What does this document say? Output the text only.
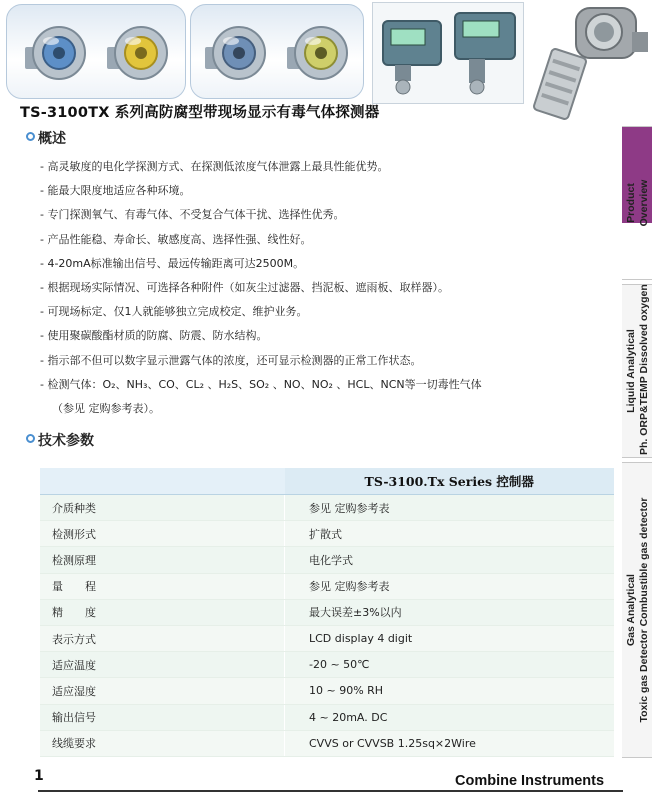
TS-3100TX 系列高防腐型带现场显示有毒气体探测器
概述
- 高灵敏度的电化学探测方式、在探测低浓度气体泄露上最具性能优势。
- 能最大限度地适应各种环境。
- 专门探测氧气、有毒气体、不受复合气体干扰、选择性优秀。
- 产品性能稳、寿命长、敏感度高、选择性强、线性好。
- 4-20mA标准输出信号、最远传输距离可达2500M。
- 根据现场实际情况、可选择各种附件（如灰尘过滤器、挡泥板、遮雨板、取样器）。
- 可现场标定、仅1人就能够独立完成校定、维护业务。
- 使用聚碳酸酯材质的防腐、防震、防水结构。
- 指示部不但可以数字显示泄露气体的浓度，还可显示检测器的正常工作状态。
- 检测气体：O₂、NH₃、CO、CL₂ 、H₂S、SO₂ 、NO、NO₂ 、HCL、NCN等一切毒性气体
（参见 定购参考表）。
技术参数
	TS-3100.Tx Series 控制器
介质种类	参见 定购参考表
检测形式	扩散式
检测原理	电化学式
量　　程	参见 定购参考表
精　　度	最大误差±3%以内
表示方式	LCD display 4 digit
适应温度	-20 ~ 50℃
适应湿度	10 ~ 90% RH
输出信号	4 ~ 20mA. DC
线缆要求	CVVS or CVVSB 1.25sq×2Wire
Product Overview
Liquid Analytical Ph. ORP&TEMP Dissolved oxygen
Gas Analytical Toxic gas Detector Combustible gas detector
1	Combine Instruments
